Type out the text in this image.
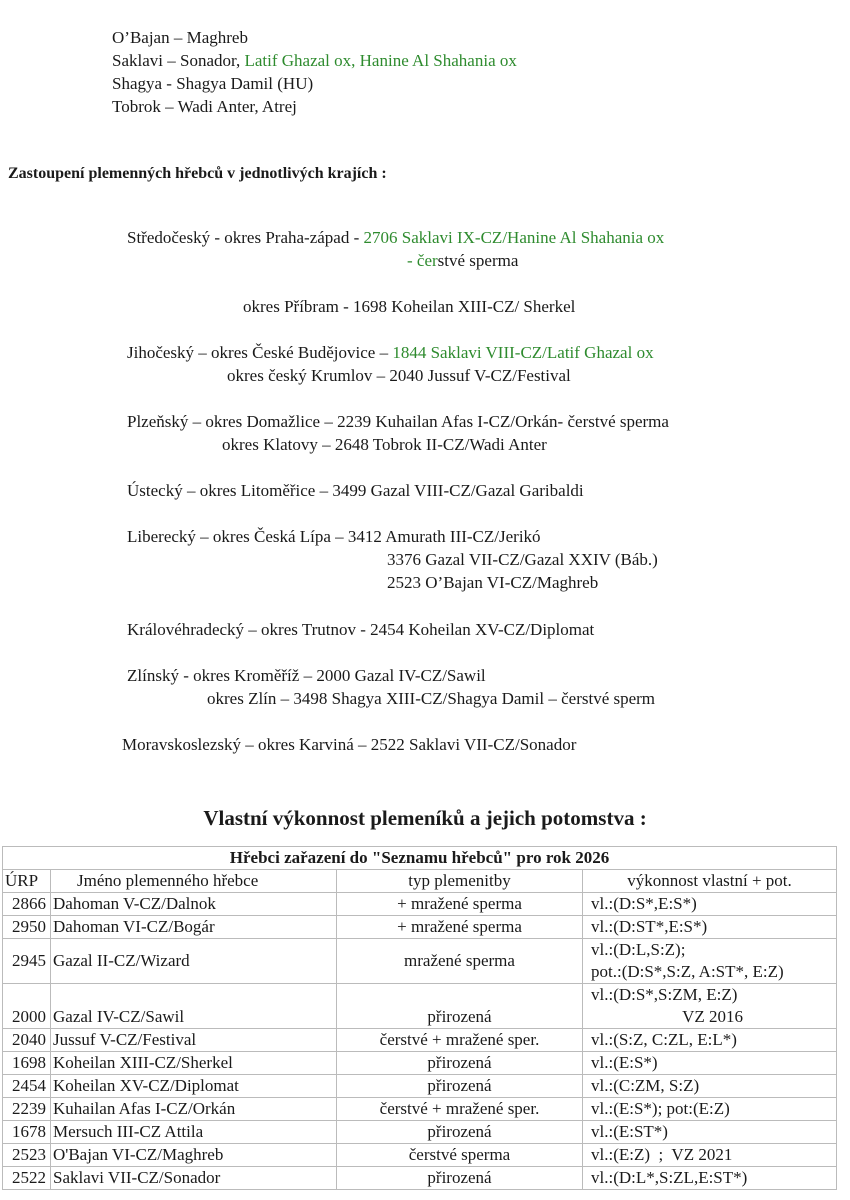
O’Bajan – Maghreb
Saklavi – Sonador, Latif Ghazal ox, Hanine Al Shahania ox
Shagya - Shagya Damil (HU)
Tobrok – Wadi Anter, Atrej
Zastoupení plemenných hřebců v jednotlivých krajích :
Středočeský - okres Praha-západ - 2706 Saklavi IX-CZ/Hanine Al Shahania ox
- čerstvé sperma
okres Příbram - 1698 Koheilan XIII-CZ/ Sherkel
Jihočeský – okres České Budějovice – 1844 Saklavi VIII-CZ/Latif Ghazal ox
okres český Krumlov – 2040 Jussuf V-CZ/Festival
Plzeňský – okres Domažlice – 2239 Kuhailan Afas I-CZ/Orkán- čerstvé sperma
okres Klatovy – 2648 Tobrok II-CZ/Wadi Anter
Ústecký – okres Litoměřice – 3499 Gazal VIII-CZ/Gazal Garibaldi
Liberecký – okres Česká Lípa – 3412 Amurath III-CZ/Jerikó
3376 Gazal VII-CZ/Gazal XXIV (Báb.)
2523 O’Bajan VI-CZ/Maghreb
Královéhradecký – okres Trutnov - 2454 Koheilan XV-CZ/Diplomat
Zlínský - okres Kroměříž – 2000 Gazal IV-CZ/Sawil
okres Zlín – 3498 Shagya XIII-CZ/Shagya Damil – čerstvé sperm
Moravskoslezský – okres Karviná – 2522 Saklavi VII-CZ/Sonador
Vlastní výkonnost plemeníků a jejich potomstva :
Hřebci zařazení do "Seznamu hřebců" pro rok 2026			
ÚRP	Jméno plemenného hřebce	typ plemenitby	výkonnost vlastní + pot.
2866	Dahoman V-CZ/Dalnok	+ mražené sperma	vl.:(D:S*,E:S*)
2950	Dahoman VI-CZ/Bogár	+ mražené sperma	vl.:(D:ST*,E:S*)
2945	Gazal II-CZ/Wizard	mražené sperma	vl.:(D:L,S:Z);
pot.:(D:S*,S:Z, A:ST*, E:Z)

2000	Gazal IV-CZ/Sawil	přirozená	vl.:(D:S*,S:ZM, E:Z)
VZ 2016

2040	Jussuf V-CZ/Festival	čerstvé + mražené sper.	vl.:(S:Z, C:ZL, E:L*)
1698	Koheilan XIII-CZ/Sherkel	přirozená	vl.:(E:S*)
2454	Koheilan XV-CZ/Diplomat	přirozená	vl.:(C:ZM, S:Z)
2239	Kuhailan Afas I-CZ/Orkán	čerstvé + mražené sper.	vl.:(E:S*); pot:(E:Z)
1678	Mersuch III-CZ Attila	přirozená	vl.:(E:ST*)
2523	O'Bajan VI-CZ/Maghreb	čerstvé sperma	vl.:(E:Z)  ;  VZ 2021
2522	Saklavi VII-CZ/Sonador	přirozená	vl.:(D:L*,S:ZL,E:ST*)
